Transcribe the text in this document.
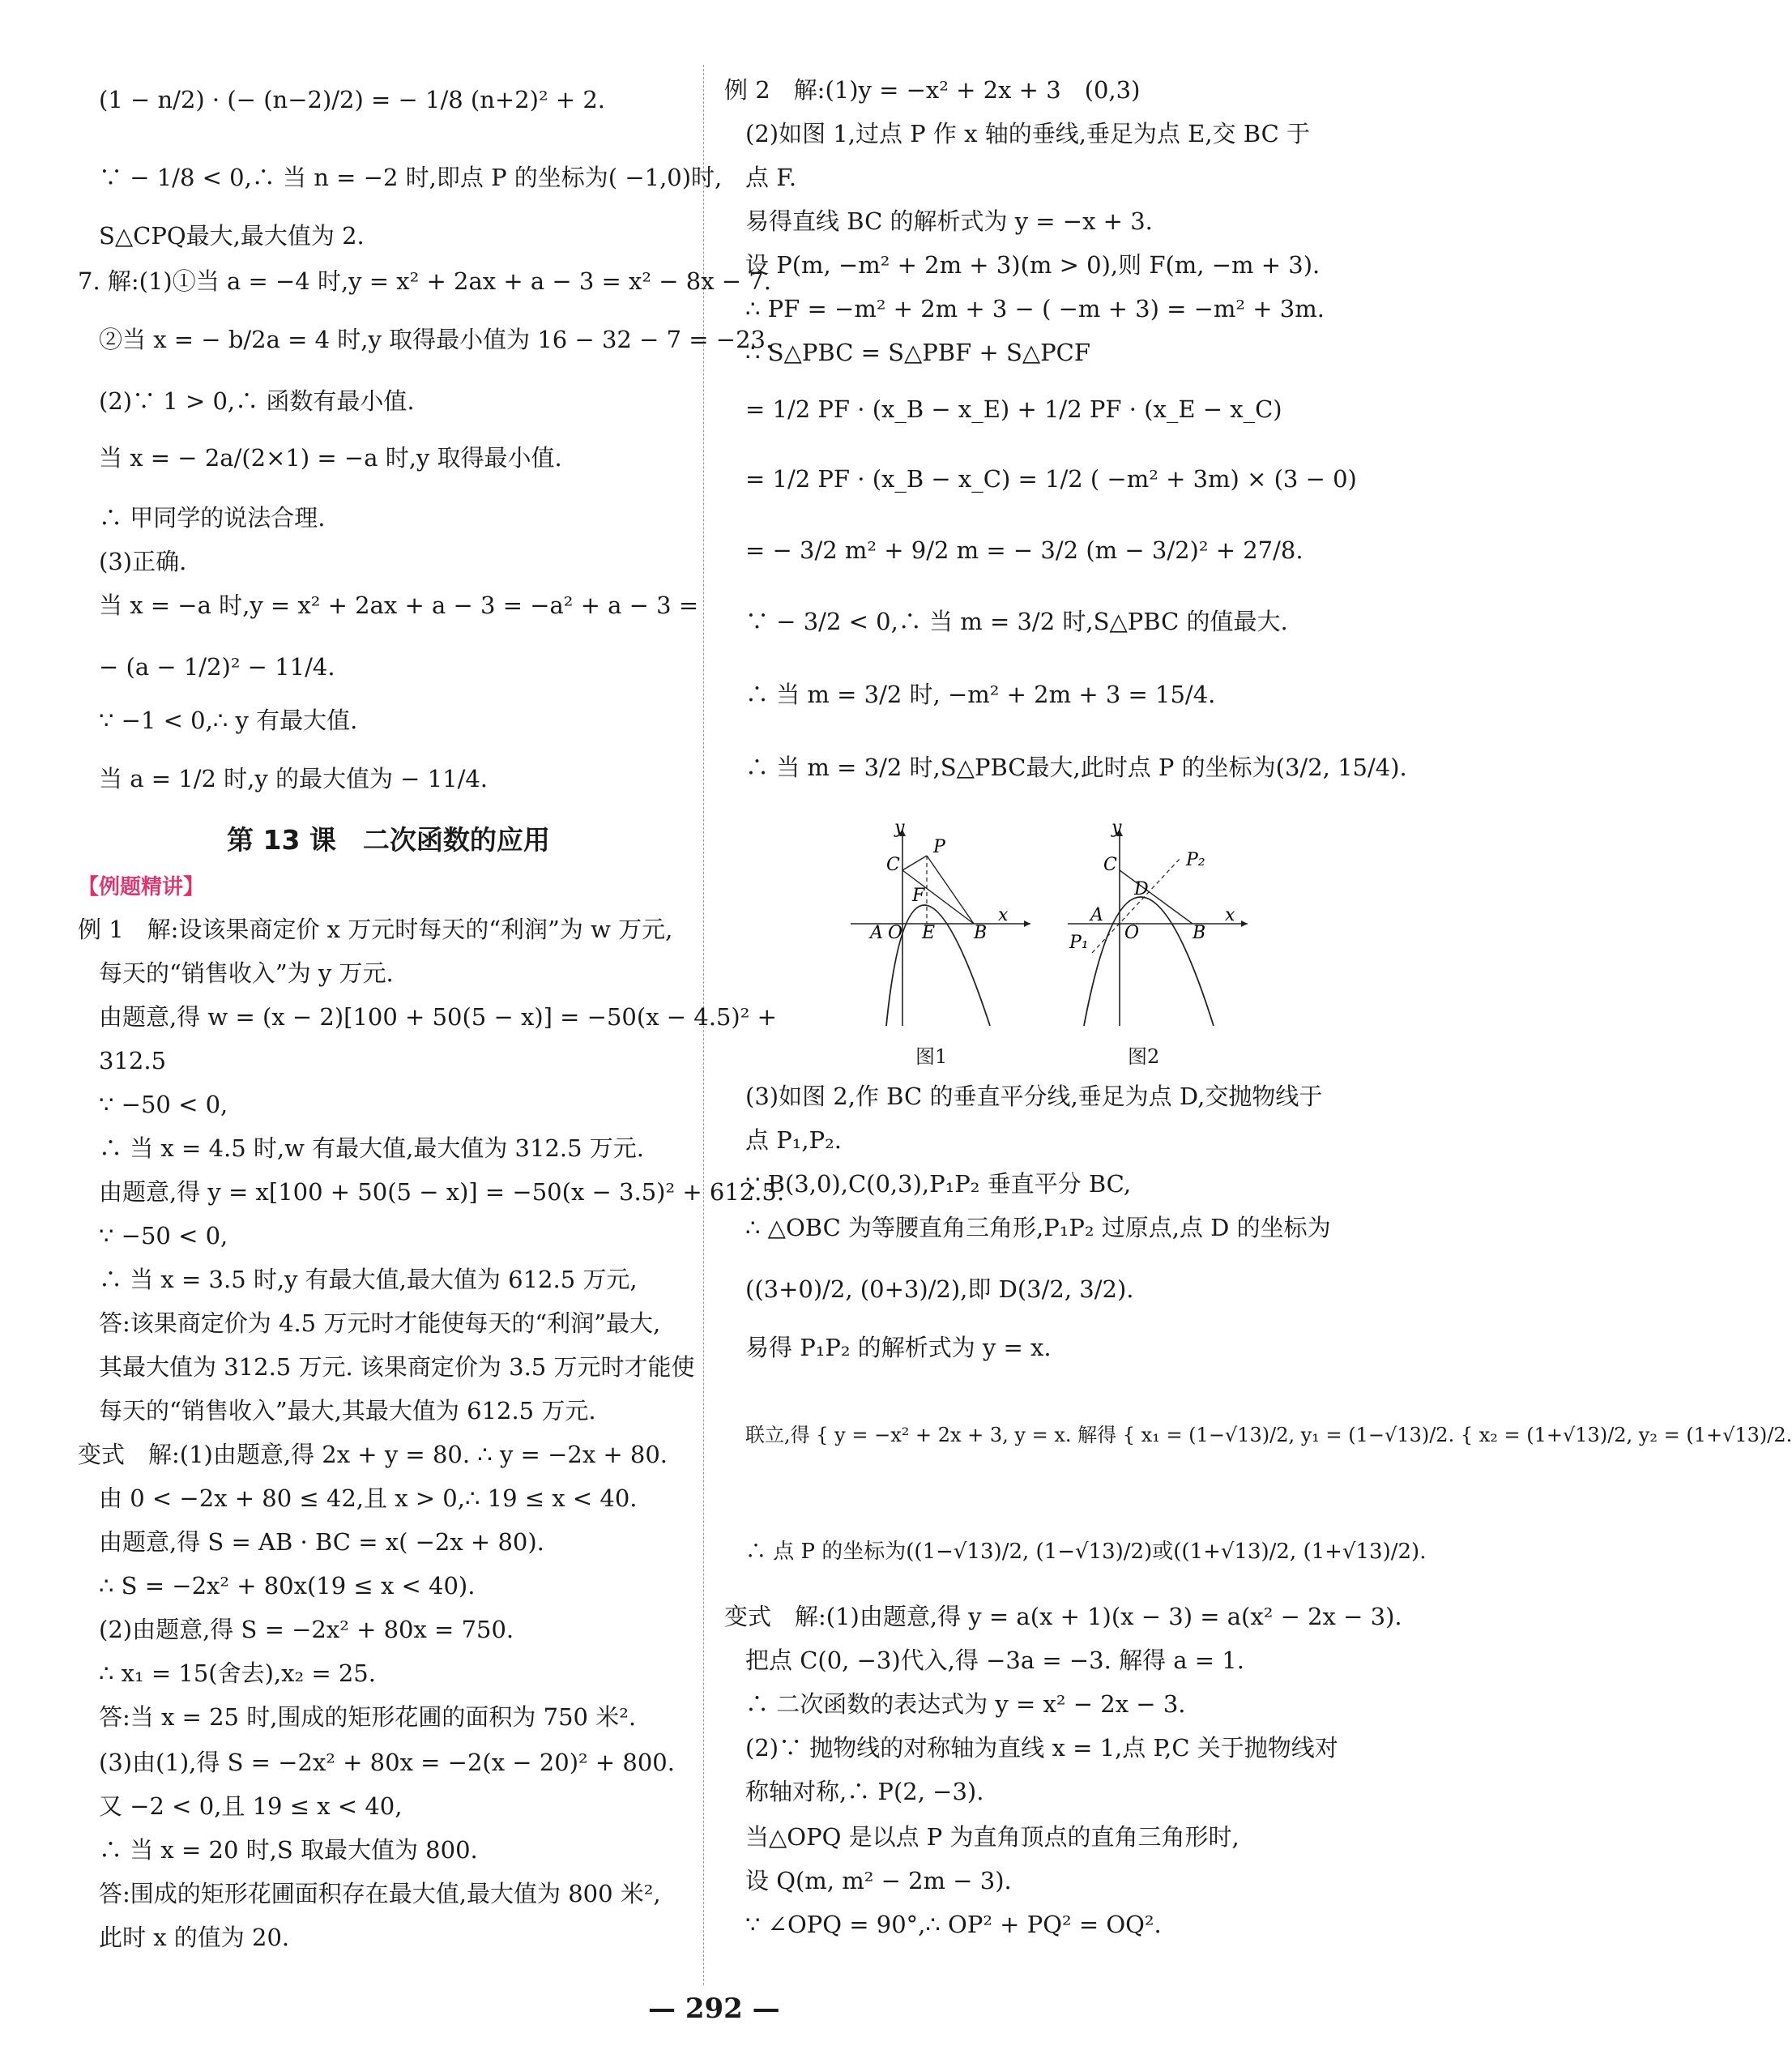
(1 − n/2) · (− (n−2)/2) = − 1/8 (n+2)² + 2.
∵ − 1/8 < 0,∴ 当 n = −2 时,即点 P 的坐标为( −1,0)时,
S△CPQ最大,最大值为 2.
7. 解:(1)①当 a = −4 时,y = x² + 2ax + a − 3 = x² − 8x − 7.
②当 x = − b/2a = 4 时,y 取得最小值为 16 − 32 − 7 = −23.
(2)∵ 1 > 0,∴ 函数有最小值.
当 x = − 2a/(2×1) = −a 时,y 取得最小值.
∴ 甲同学的说法合理.
(3)正确.
当 x = −a 时,y = x² + 2ax + a − 3 = −a² + a − 3 =
− (a − 1/2)² − 11/4.
∵ −1 < 0,∴ y 有最大值.
当 a = 1/2 时,y 的最大值为 − 11/4.
第 13 课　二次函数的应用
【例题精讲】
例 1　解:设该果商定价 x 万元时每天的“利润”为 w 万元,
每天的“销售收入”为 y 万元.
由题意,得 w = (x − 2)[100 + 50(5 − x)] = −50(x − 4.5)² +
312.5
∵ −50 < 0,
∴ 当 x = 4.5 时,w 有最大值,最大值为 312.5 万元.
由题意,得 y = x[100 + 50(5 − x)] = −50(x − 3.5)² + 612.5.
∵ −50 < 0,
∴ 当 x = 3.5 时,y 有最大值,最大值为 612.5 万元,
答:该果商定价为 4.5 万元时才能使每天的“利润”最大,
其最大值为 312.5 万元. 该果商定价为 3.5 万元时才能使
每天的“销售收入”最大,其最大值为 612.5 万元.
变式　解:(1)由题意,得 2x + y = 80. ∴ y = −2x + 80.
由 0 < −2x + 80 ≤ 42,且 x > 0,∴ 19 ≤ x < 40.
由题意,得 S = AB · BC = x( −2x + 80).
∴ S = −2x² + 80x(19 ≤ x < 40).
(2)由题意,得 S = −2x² + 80x = 750.
∴ x₁ = 15(舍去),x₂ = 25.
答:当 x = 25 时,围成的矩形花圃的面积为 750 米².
(3)由(1),得 S = −2x² + 80x = −2(x − 20)² + 800.
又 −2 < 0,且 19 ≤ x < 40,
∴ 当 x = 20 时,S 取最大值为 800.
答:围成的矩形花圃面积存在最大值,最大值为 800 米²,
此时 x 的值为 20.
例 2　解:(1)y = −x² + 2x + 3　(0,3)
(2)如图 1,过点 P 作 x 轴的垂线,垂足为点 E,交 BC 于
点 F.
易得直线 BC 的解析式为 y = −x + 3.
设 P(m, −m² + 2m + 3)(m > 0),则 F(m, −m + 3).
∴ PF = −m² + 2m + 3 − ( −m + 3) = −m² + 3m.
∴ S△PBC = S△PBF + S△PCF
= 1/2 PF · (x_B − x_E) + 1/2 PF · (x_E − x_C)
= 1/2 PF · (x_B − x_C) = 1/2 ( −m² + 3m) × (3 − 0)
= − 3/2 m² + 9/2 m = − 3/2 (m − 3/2)² + 27/8.
∵ − 3/2 < 0,∴ 当 m = 3/2 时,S△PBC 的值最大.
∴ 当 m = 3/2 时, −m² + 2m + 3 = 15/4.
∴ 当 m = 3/2 时,S△PBC最大,此时点 P 的坐标为(3/2, 15/4).
y
P
C
F
A O E B
x
图1
y
C	P₂
D
A
P₁ O	B
x
图2
(3)如图 2,作 BC 的垂直平分线,垂足为点 D,交抛物线于
点 P₁,P₂.
∵ B(3,0),C(0,3),P₁P₂ 垂直平分 BC,
∴ △OBC 为等腰直角三角形,P₁P₂ 过原点,点 D 的坐标为
((3+0)/2, (0+3)/2),即 D(3/2, 3/2).
易得 P₁P₂ 的解析式为 y = x.
联立,得 { y = −x² + 2x + 3, y = x. 解得 { x₁ = (1−√13)/2, y₁ = (1−√13)/2. { x₂ = (1+√13)/2, y₂ = (1+√13)/2.
∴ 点 P 的坐标为((1−√13)/2, (1−√13)/2)或((1+√13)/2, (1+√13)/2).
变式　解:(1)由题意,得 y = a(x + 1)(x − 3) = a(x² − 2x − 3).
把点 C(0, −3)代入,得 −3a = −3. 解得 a = 1.
∴ 二次函数的表达式为 y = x² − 2x − 3.
(2)∵ 抛物线的对称轴为直线 x = 1,点 P,C 关于抛物线对
称轴对称,∴ P(2, −3).
当△OPQ 是以点 P 为直角顶点的直角三角形时,
设 Q(m, m² − 2m − 3).
∵ ∠OPQ = 90°,∴ OP² + PQ² = OQ².
— 292 —
